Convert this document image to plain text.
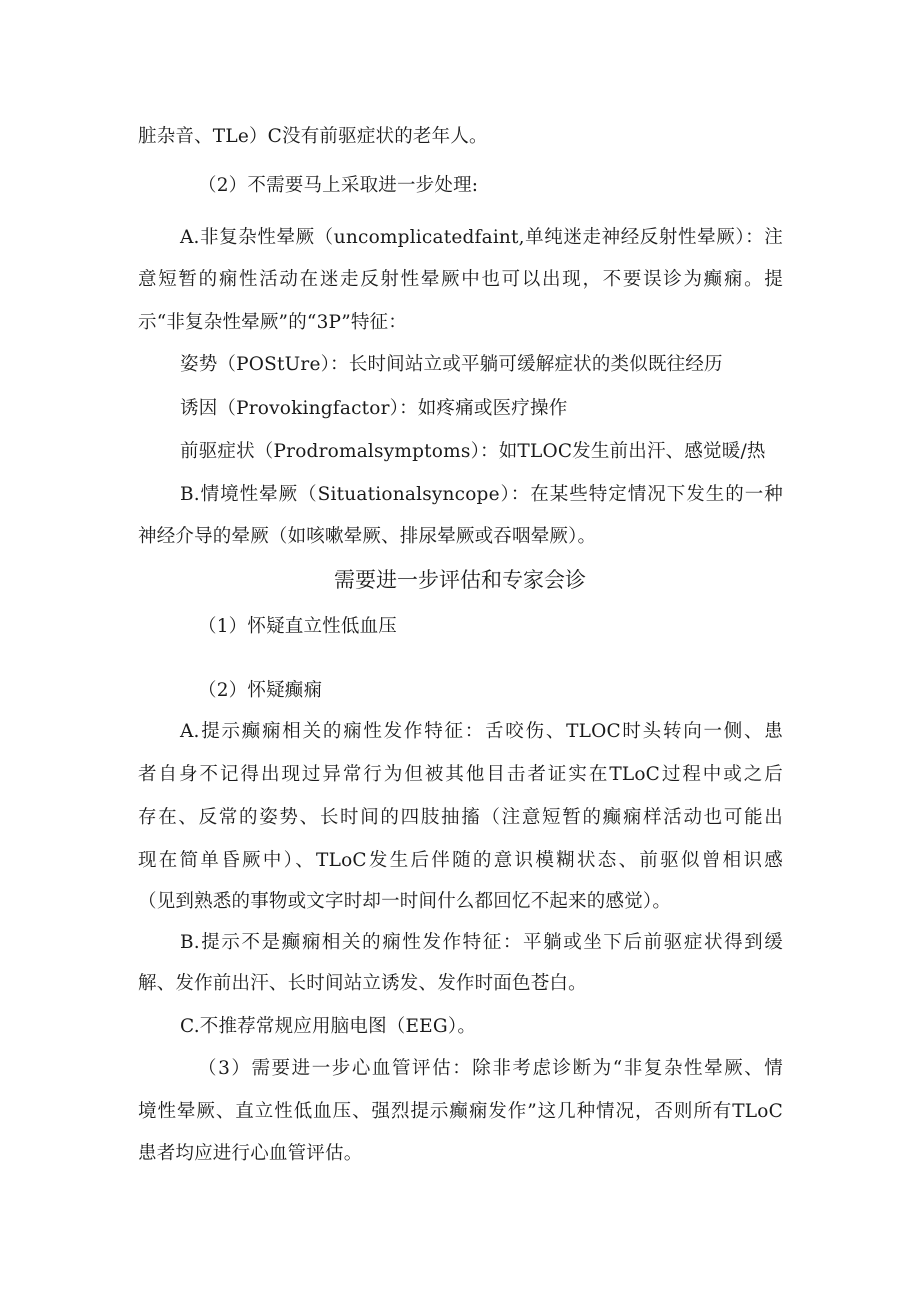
脏杂音、TLe）C没有前驱症状的老年人。
（2）不需要马上采取进一步处理:
A.非复杂性晕厥（uncomplicatedfaint,单纯迷走神经反射性晕厥）：注
意短暂的痫性活动在迷走反射性晕厥中也可以出现，不要误诊为癫痫。提
示“非复杂性晕厥”的“3P”特征：
姿势（POStUre）：长时间站立或平躺可缓解症状的类似既往经历
诱因（Provokingfactor）：如疼痛或医疗操作
前驱症状（Prodromalsymptoms）：如TLOC发生前出汗、感觉暖/热
B.情境性晕厥（Situationalsyncope）：在某些特定情况下发生的一种
神经介导的晕厥（如咳嗽晕厥、排尿晕厥或吞咽晕厥）。
需要进一步评估和专家会诊
（1）怀疑直立性低血压
（2）怀疑癫痫
A.提示癫痫相关的痫性发作特征：舌咬伤、TLOC时头转向一侧、患
者自身不记得出现过异常行为但被其他目击者证实在TLoC过程中或之后
存在、反常的姿势、长时间的四肢抽搐（注意短暂的癫痫样活动也可能出
现在简单昏厥中）、TLoC发生后伴随的意识模糊状态、前驱似曾相识感
（见到熟悉的事物或文字时却一时间什么都回忆不起来的感觉）。
B.提示不是癫痫相关的痫性发作特征：平躺或坐下后前驱症状得到缓
解、发作前出汗、长时间站立诱发、发作时面色苍白。
C.不推荐常规应用脑电图（EEG）。
（3）需要进一步心血管评估：除非考虑诊断为“非复杂性晕厥、情
境性晕厥、直立性低血压、强烈提示癫痫发作”这几种情况，否则所有TLoC
患者均应进行心血管评估。
